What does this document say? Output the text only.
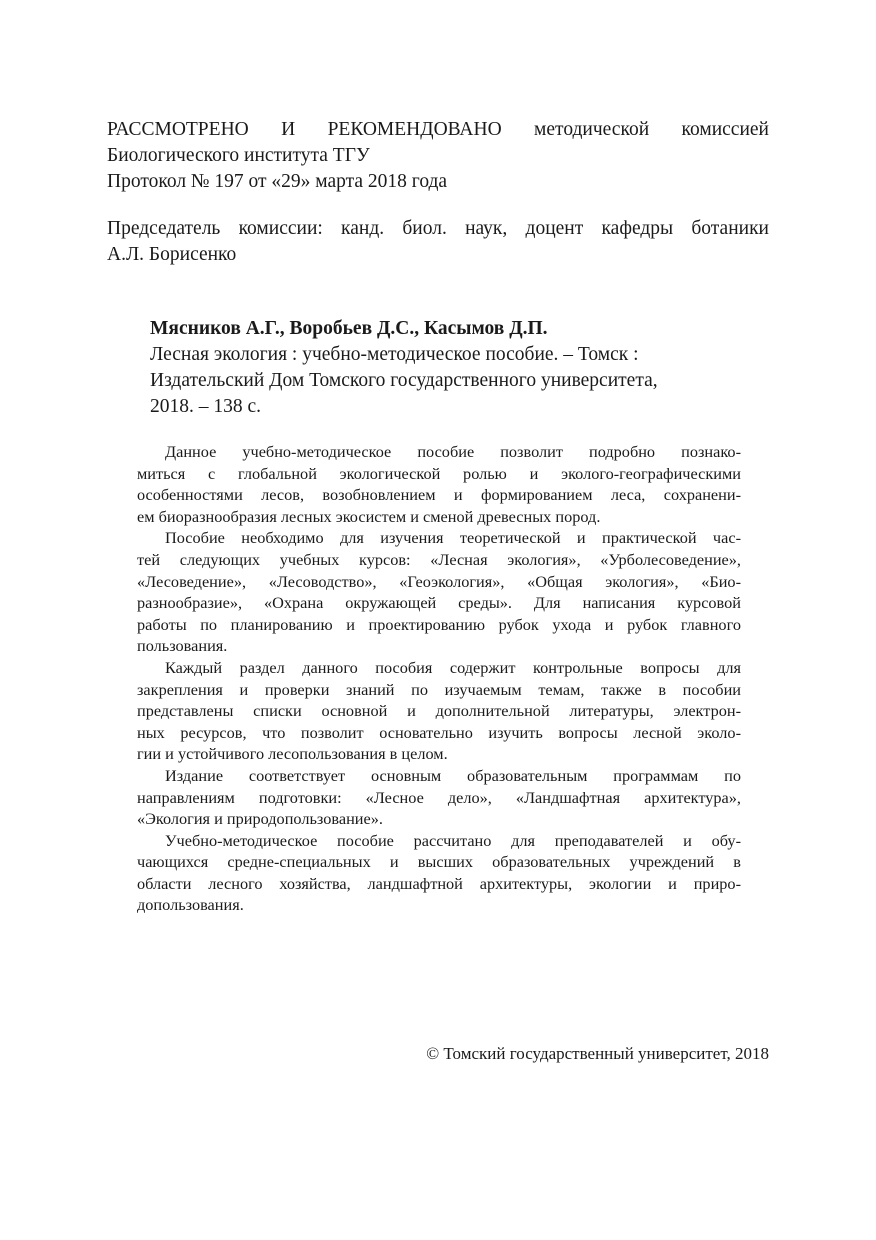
РАССМОТРЕНО И РЕКОМЕНДОВАНО методической комиссией
Биологического института ТГУ
Протокол № 197 от «29» марта 2018 года
Председатель комиссии: канд. биол. наук, доцент кафедры ботаники
А.Л. Борисенко
Мясников А.Г., Воробьев Д.С., Касымов Д.П.
Лесная экология : учебно-методическое пособие. – Томск :
Издательский Дом Томского государственного университета,
2018. – 138 с.

Данное учебно-методическое пособие позволит подробно познако-
миться с глобальной экологической ролью и эколого-географическими
особенностями лесов, возобновлением и формированием леса, сохранени-
ем биоразнообразия лесных экосистем и сменой древесных пород.

Пособие необходимо для изучения теоретической и практической час-
тей следующих учебных курсов: «Лесная экология», «Урболесоведение»,
«Лесоведение», «Лесоводство», «Геоэкология», «Общая экология», «Био-
разнообразие», «Охрана окружающей среды». Для написания курсовой
работы по планированию и проектированию рубок ухода и рубок главного
пользования.

Каждый раздел данного пособия содержит контрольные вопросы для
закрепления и проверки знаний по изучаемым темам, также в пособии
представлены списки основной и дополнительной литературы, электрон-
ных ресурсов, что позволит основательно изучить вопросы лесной эколо-
гии и устойчивого лесопользования в целом.

Издание соответствует основным образовательным программам по
направлениям подготовки: «Лесное дело», «Ландшафтная архитектура»,
«Экология и природопользование».

Учебно-методическое пособие рассчитано для преподавателей и обу-
чающихся средне-специальных и высших образовательных учреждений в
области лесного хозяйства, ландшафтной архитектуры, экологии и приро-
допользования.

© Томский государственный университет, 2018
